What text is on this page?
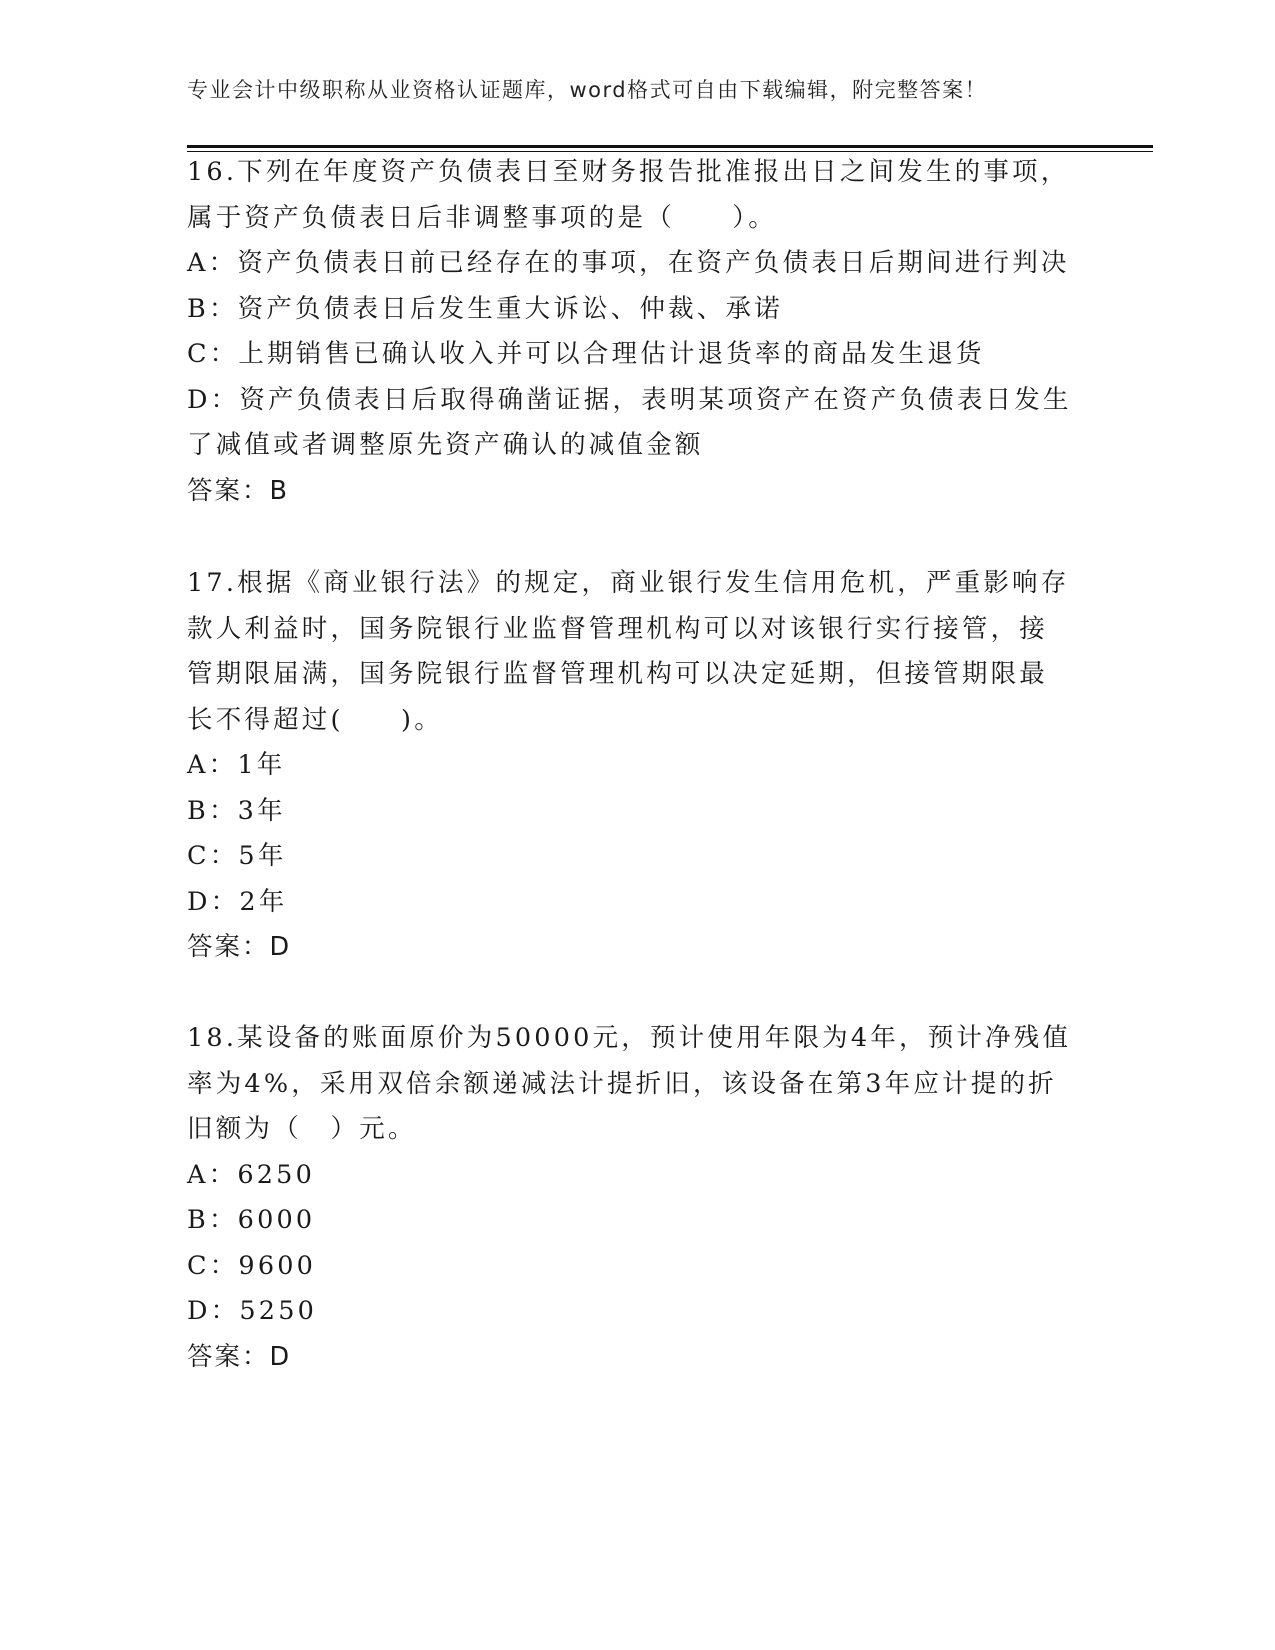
专业会计中级职称从业资格认证题库，word格式可自由下载编辑，附完整答案！
16.下列在年度资产负债表日至财务报告批准报出日之间发生的事项，
属于资产负债表日后非调整事项的是（　　）。
A：资产负债表日前已经存在的事项，在资产负债表日后期间进行判决
B：资产负债表日后发生重大诉讼、仲裁、承诺
C：上期销售已确认收入并可以合理估计退货率的商品发生退货
D：资产负债表日后取得确凿证据，表明某项资产在资产负债表日发生
了减值或者调整原先资产确认的减值金额
答案：B
17.根据《商业银行法》的规定，商业银行发生信用危机，严重影响存
款人利益时，国务院银行业监督管理机构可以对该银行实行接管，接
管期限届满，国务院银行监督管理机构可以决定延期，但接管期限最
长不得超过(　　)。
A：1年
B：3年
C：5年
D：2年
答案：D
18.某设备的账面原价为50000元，预计使用年限为4年，预计净残值
率为4%，采用双倍余额递减法计提折旧，该设备在第3年应计提的折
旧额为（　）元。
A：6250
B：6000
C：9600
D：5250
答案：D
